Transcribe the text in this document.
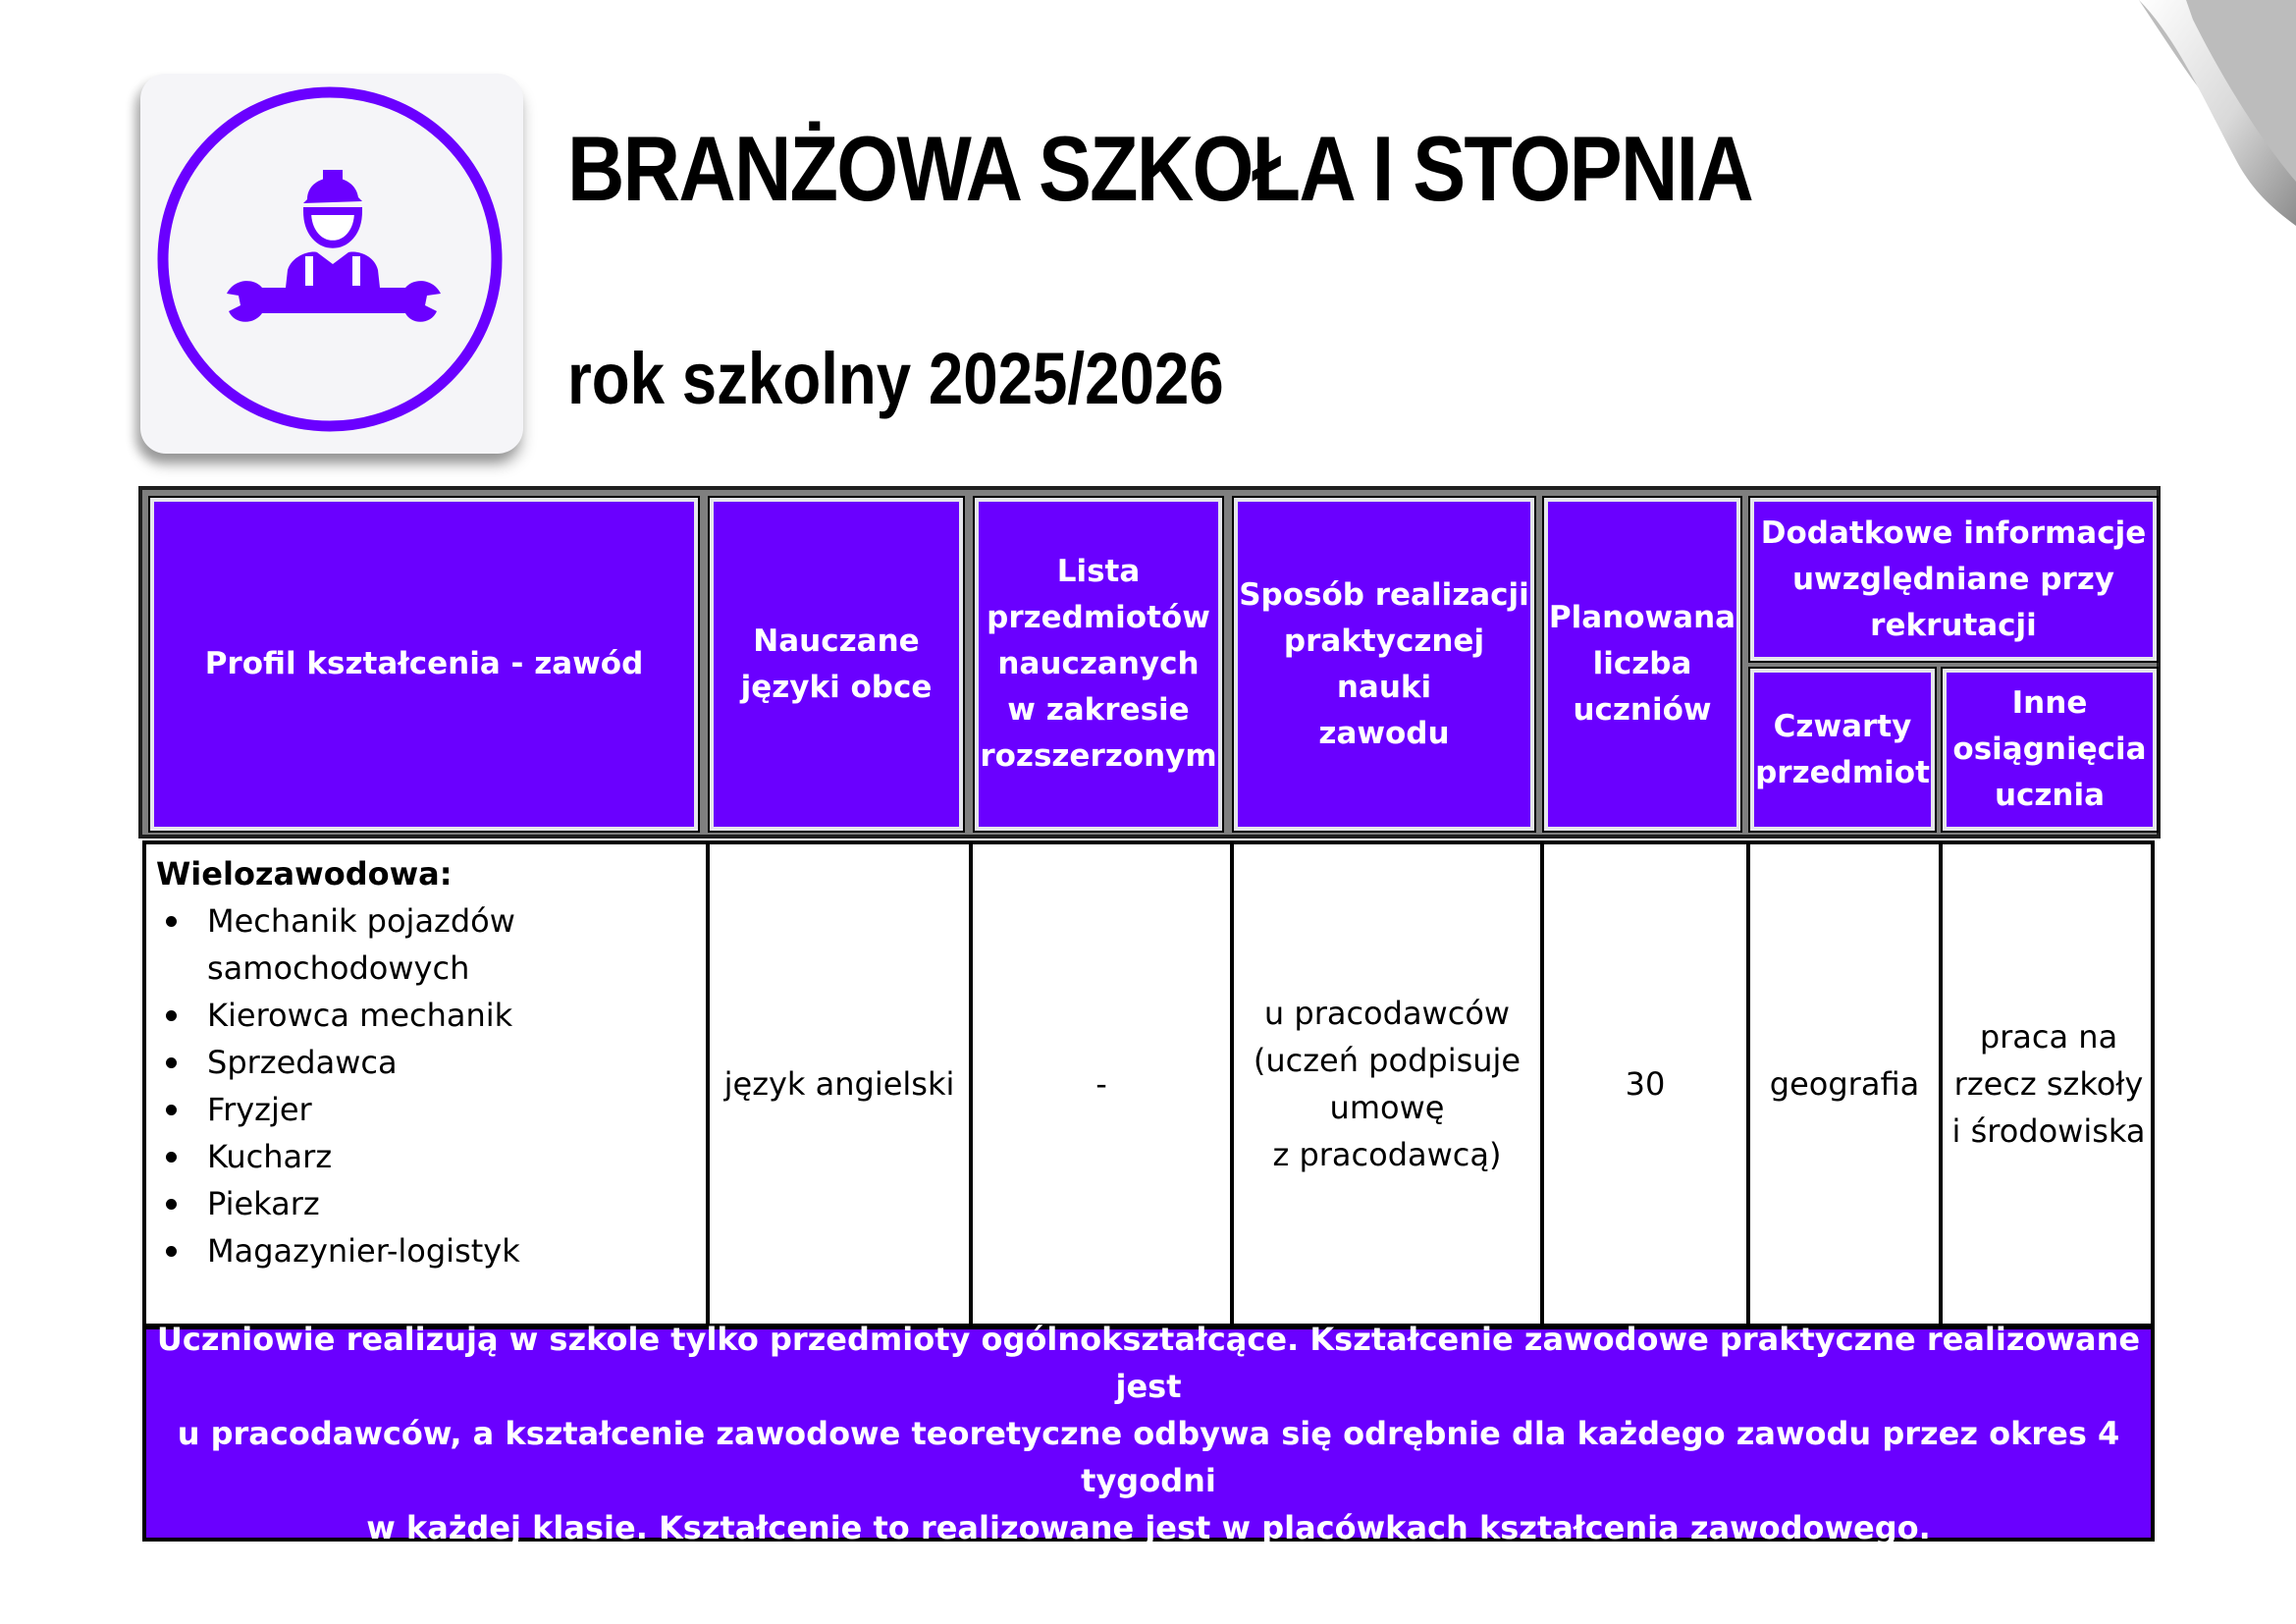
BRANŻOWA SZKOŁA I STOPNIA
rok szkolny 2025/2026
Profil kształcenia - zawód
Nauczane
języki obce
Lista
przedmiotów
nauczanych
w zakresie
rozszerzonym
Sposób realizacji
praktycznej nauki
zawodu
Planowana
liczba
uczniów
Dodatkowe informacje
uwzględniane przy
rekrutacji
Czwarty
przedmiot
Inne
osiągnięcia
ucznia

Wielozawodowa:

Mechanik pojazdów samochodowych
Kierowca mechanik
Sprzedawca
Fryzjer
Kucharz
Piekarz
Magazynier-logistyk
język angielski	-
u pracodawców
(uczeń podpisuje
umowę
z pracodawcą)
30	geografia
praca na
rzecz szkoły
i środowiska
Uczniowie realizują w szkole tylko przedmioty ogólnokształcące. Kształcenie zawodowe praktyczne realizowane jest
u pracodawców, a kształcenie zawodowe teoretyczne odbywa się odrębnie dla każdego zawodu przez okres 4 tygodni
w każdej klasie. Kształcenie to realizowane jest w placówkach kształcenia zawodowego.
